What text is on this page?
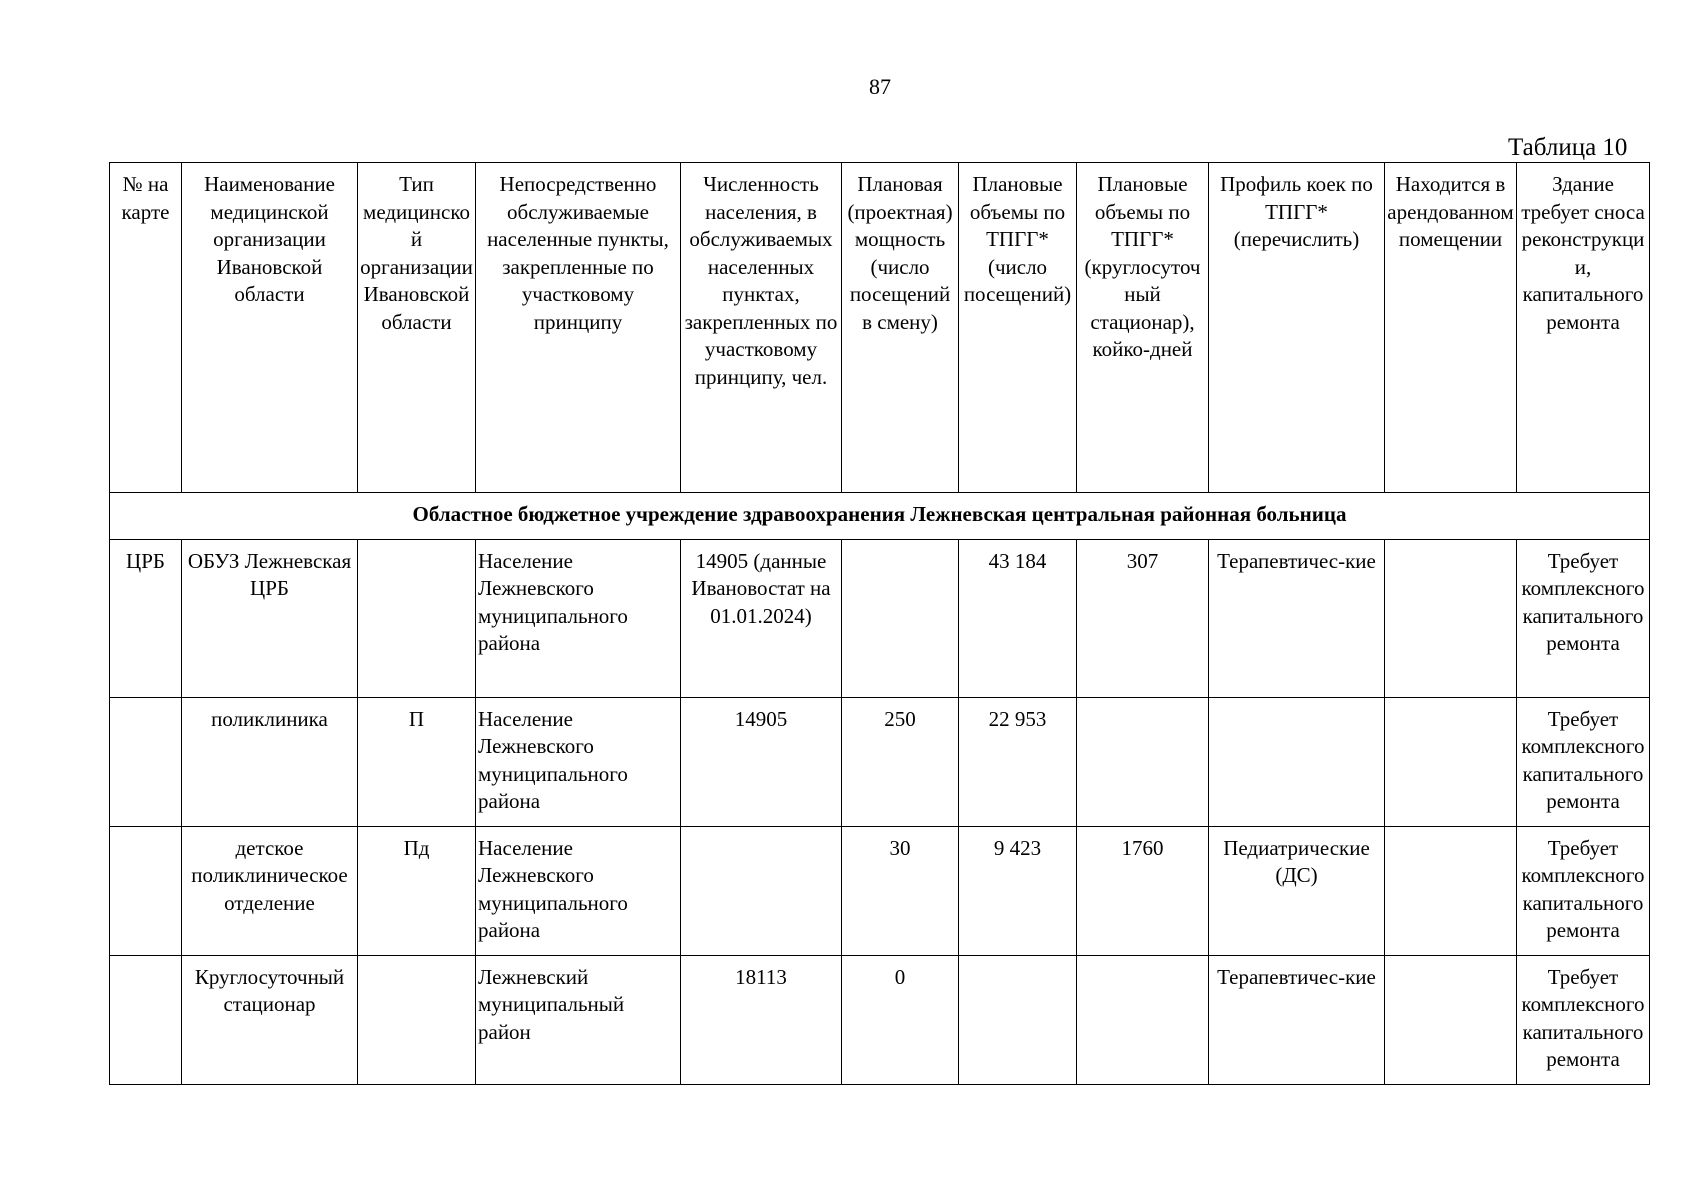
87
Таблица 10
№ на карте	Наименование медицинской организации Ивановской области	Тип медицинской организации Ивановской области	Непосредственно обслуживаемые населенные пункты, закрепленные по участковому принципу	Численность населения, в обслуживаемых населенных пунктах, закрепленных по участковому принципу, чел.	Плановая (проектная) мощность (число посещений в смену)	Плановые объемы по ТПГГ* (число посещений)	Плановые объемы по ТПГГ* (круглосуточный стационар), койко-дней	Профиль коек по ТПГГ* (перечислить)	Находится в арендованном помещении	Здание требует сноса реконструкции, капитального ремонта
Областное бюджетное учреждение здравоохранения Лежневская центральная районная больница										
ЦРБ	ОБУЗ Лежневская ЦРБ		Население Лежневского муниципального района	14905 (данные Ивановостат на 01.01.2024)		43 184	307	Терапевтичес-кие		Требует комплексного капитального ремонта
	поликлиника	П	Население Лежневского муниципального района	14905	250	22 953				Требует комплексного капитального ремонта
	детское поликлиническое отделение	Пд	Население Лежневского муниципального района		30	9 423	1760	Педиатрические (ДС)		Требует комплексного капитального ремонта
	Круглосуточный стационар		Лежневский муниципальный район	18113	0			Терапевтичес-кие		Требует комплексного капитального ремонта
